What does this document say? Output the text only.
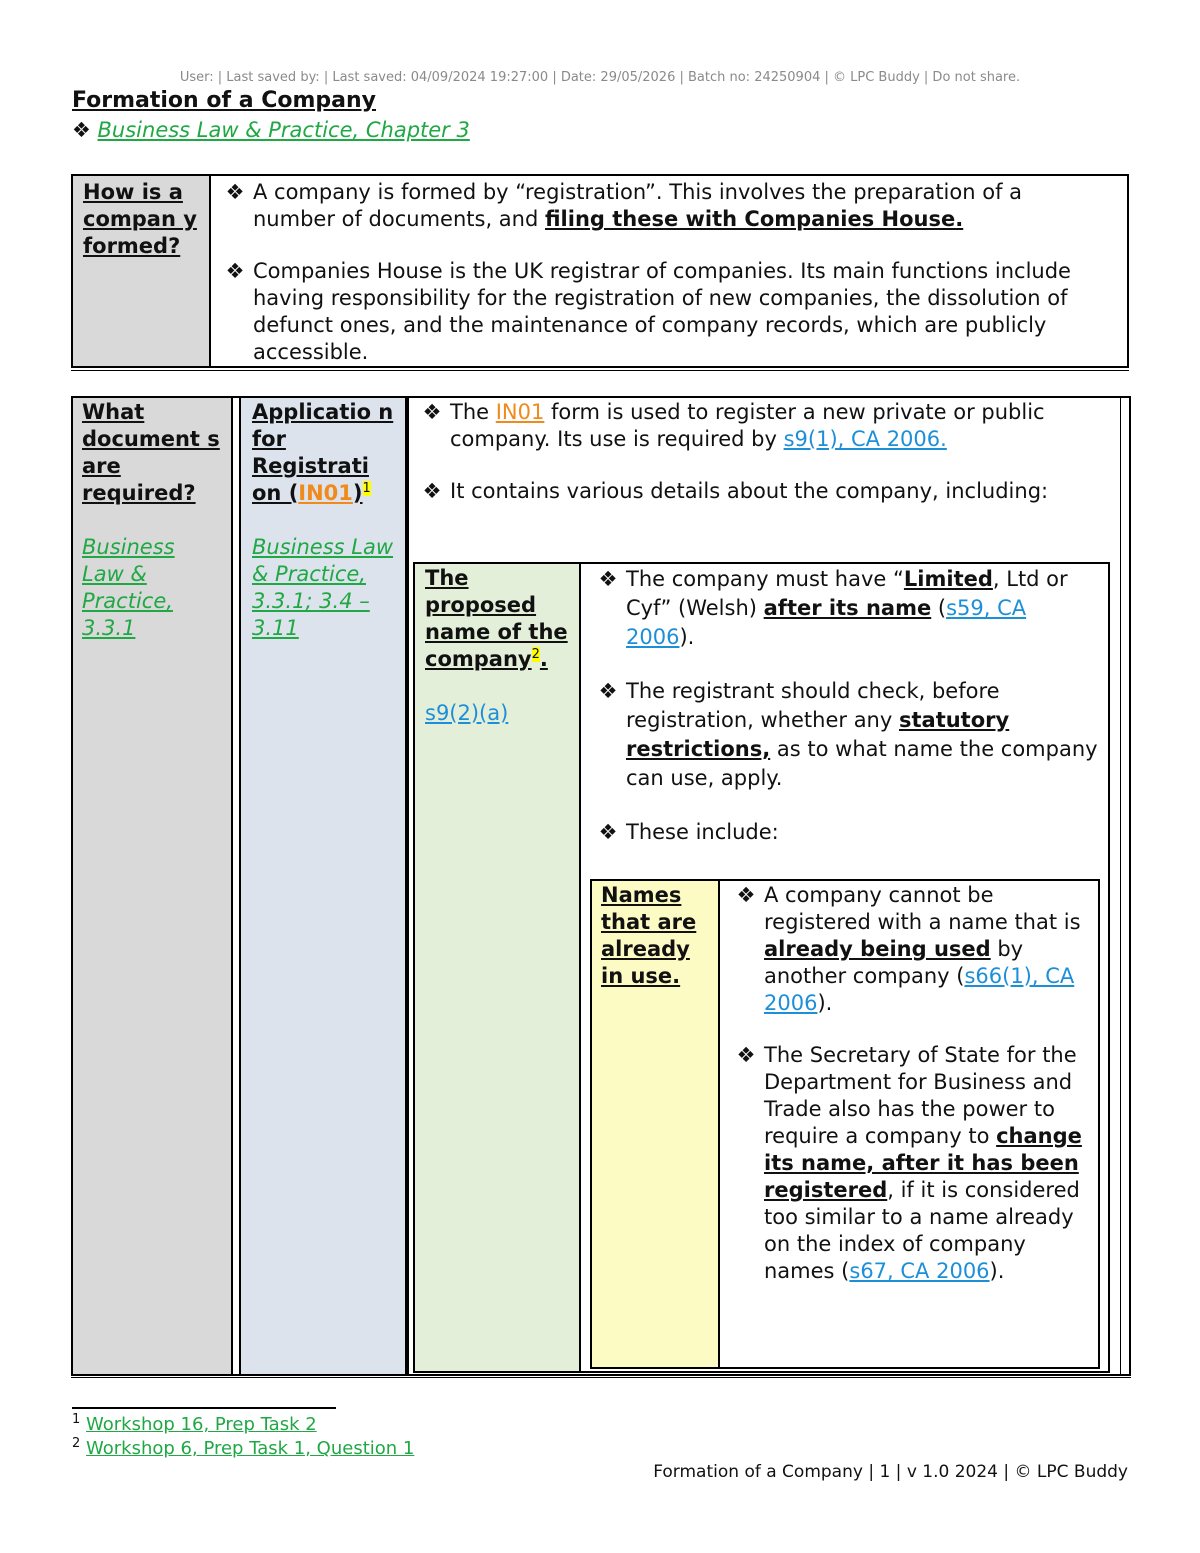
User: | Last saved by: | Last saved: 04/09/2024 19:27:00 | Date: 29/05/2026 | Batch no: 24250904 | © LPC Buddy | Do not share.
Formation of a Company
❖ Business Law & Practice, Chapter 3
How is a compan y formed?
❖ A company is formed by “registration”. This involves the preparation of a number of documents, and filing these with Companies House.
❖ Companies House is the UK registrar of companies. Its main functions include having responsibility for the registration of new companies, the dissolution of defunct ones, and the maintenance of company records, which are publicly accessible.
What document s are required?
Business Law & Practice, 3.3.1
Applicatio n for Registrati on $(IN01)^1$
Business Law & Practice, 3.3.1; 3.4 – 3.11
❖ The IN01 form is used to register a new private or public company. Its use is required by s9(1), CA 2006.
❖ It contains various details about the company, including:
The proposed name of the company$^2$.
s9(2)(a)
❖ The company must have “Limited, Ltd or Cyf” (Welsh) after its name (s59, CA 2006).
❖ The registrant should check, before registration, whether any statutory restrictions, as to what name the company can use, apply.
❖ These include:
Names that are already in use.
❖ A company cannot be registered with a name that is already being used by another company (s66(1), CA 2006).
❖ The Secretary of State for the Department for Business and Trade also has the power to require a company to change its name, after it has been registered, if it is considered too similar to a name already on the index of company names (s67, CA 2006).
$^1$ Workshop 16, Prep Task 2
$^2$ Workshop 6, Prep Task 1, Question 1
Formation of a Company | 1 | v 1.0 2024 | © LPC Buddy
